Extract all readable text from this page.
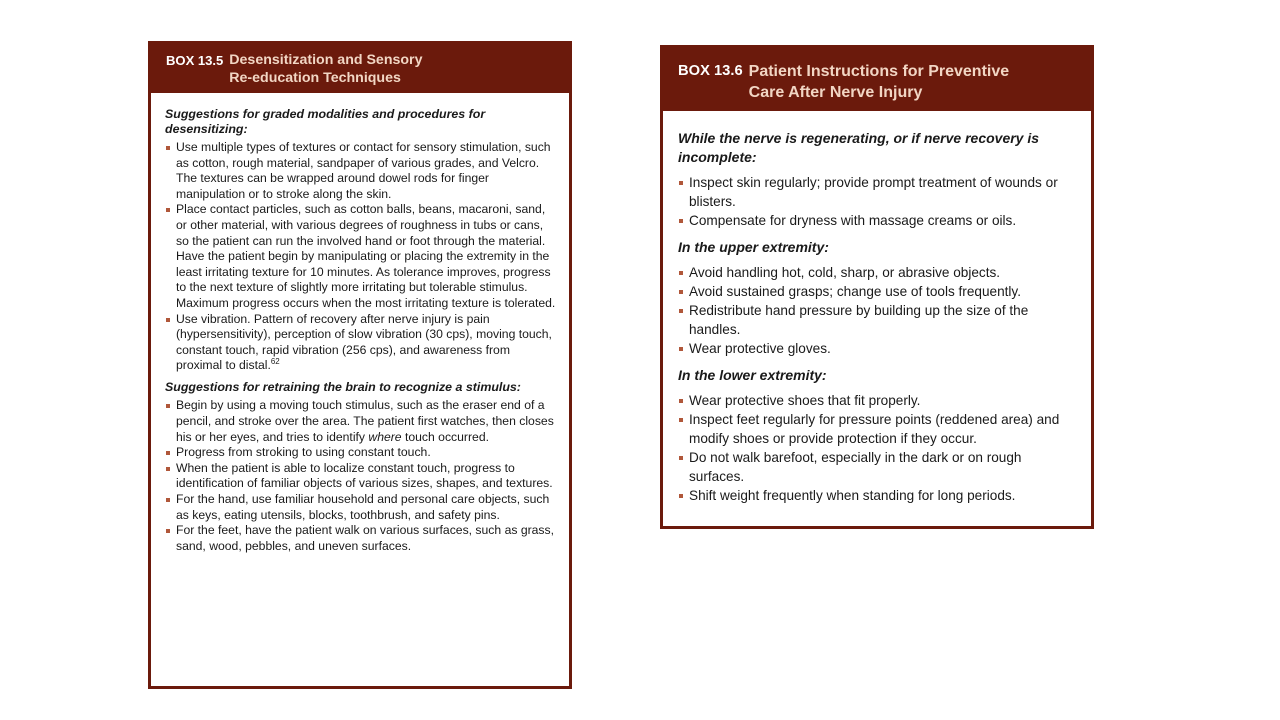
BOX 13.5 Desensitization and Sensory
Re-education Techniques
Suggestions for graded modalities and procedures for desensitizing:
Use multiple types of textures or contact for sensory stimulation, such as cotton, rough material, sandpaper of various grades, and Velcro. The textures can be wrapped around dowel rods for finger manipulation or to stroke along the skin.
Place contact particles, such as cotton balls, beans, macaroni, sand, or other material, with various degrees of roughness in tubs or cans, so the patient can run the involved hand or foot through the material. Have the patient begin by manipulating or placing the extremity in the least irritating texture for 10 minutes. As tolerance improves, progress to the next texture of slightly more irritating but tolerable stimulus. Maximum progress occurs when the most irritating texture is tolerated.
Use vibration. Pattern of recovery after nerve injury is pain (hypersensitivity), perception of slow vibration (30 cps), moving touch, constant touch, rapid vibration (256 cps), and awareness from proximal to distal.$^{62}$
Suggestions for retraining the brain to recognize a stimulus:
Begin by using a moving touch stimulus, such as the eraser end of a pencil, and stroke over the area. The patient first watches, then closes his or her eyes, and tries to identify where touch occurred.
Progress from stroking to using constant touch.
When the patient is able to localize constant touch, progress to identification of familiar objects of various sizes, shapes, and textures.
For the hand, use familiar household and personal care objects, such as keys, eating utensils, blocks, toothbrush, and safety pins.
For the feet, have the patient walk on various surfaces, such as grass, sand, wood, pebbles, and uneven surfaces.
BOX 13.6 Patient Instructions for Preventive
Care After Nerve Injury
While the nerve is regenerating, or if nerve recovery is incomplete:
Inspect skin regularly; provide prompt treatment of wounds or blisters.
Compensate for dryness with massage creams or oils.
In the upper extremity:
Avoid handling hot, cold, sharp, or abrasive objects.
Avoid sustained grasps; change use of tools frequently.
Redistribute hand pressure by building up the size of the handles.
Wear protective gloves.
In the lower extremity:
Wear protective shoes that fit properly.
Inspect feet regularly for pressure points (reddened area) and modify shoes or provide protection if they occur.
Do not walk barefoot, especially in the dark or on rough surfaces.
Shift weight frequently when standing for long periods.
